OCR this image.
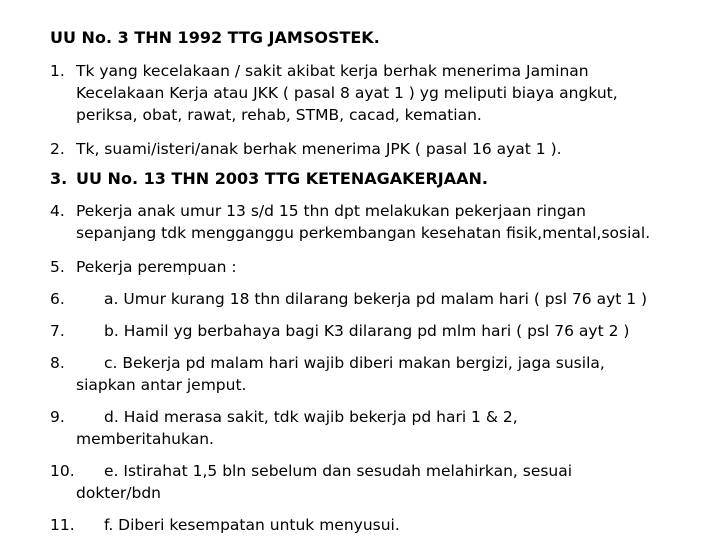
UU No. 3 THN 1992 TTG JAMSOSTEK.
1. Tk yang kecelakaan / sakit akibat kerja berhak menerima Jaminan
Kecelakaan Kerja atau JKK ( pasal 8 ayat 1 ) yg meliputi biaya angkut,
periksa, obat, rawat, rehab, STMB, cacad, kematian.
2. Tk, suami/isteri/anak berhak menerima JPK ( pasal 16 ayat 1 ).
3. UU No. 13 THN 2003 TTG KETENAGAKERJAAN.
4. Pekerja anak umur 13 s/d 15 thn dpt melakukan pekerjaan ringan
sepanjang tdk mengganggu perkembangan kesehatan fisik,mental,sosial.
5. Pekerja perempuan :
6.	a. Umur kurang 18 thn dilarang bekerja pd malam hari ( psl 76 ayt 1 )
7.	b. Hamil yg berbahaya bagi K3 dilarang pd mlm hari ( psl 76 ayt 2 )
8.	c. Bekerja pd malam hari wajib diberi makan bergizi, jaga susila,
siapkan antar jemput.
9.	d. Haid merasa sakit, tdk wajib bekerja pd hari 1 & 2,
memberitahukan.
10. e. Istirahat 1,5 bln sebelum dan sesudah melahirkan, sesuai
dokter/bdn
11. f. Diberi kesempatan untuk menyusui.
